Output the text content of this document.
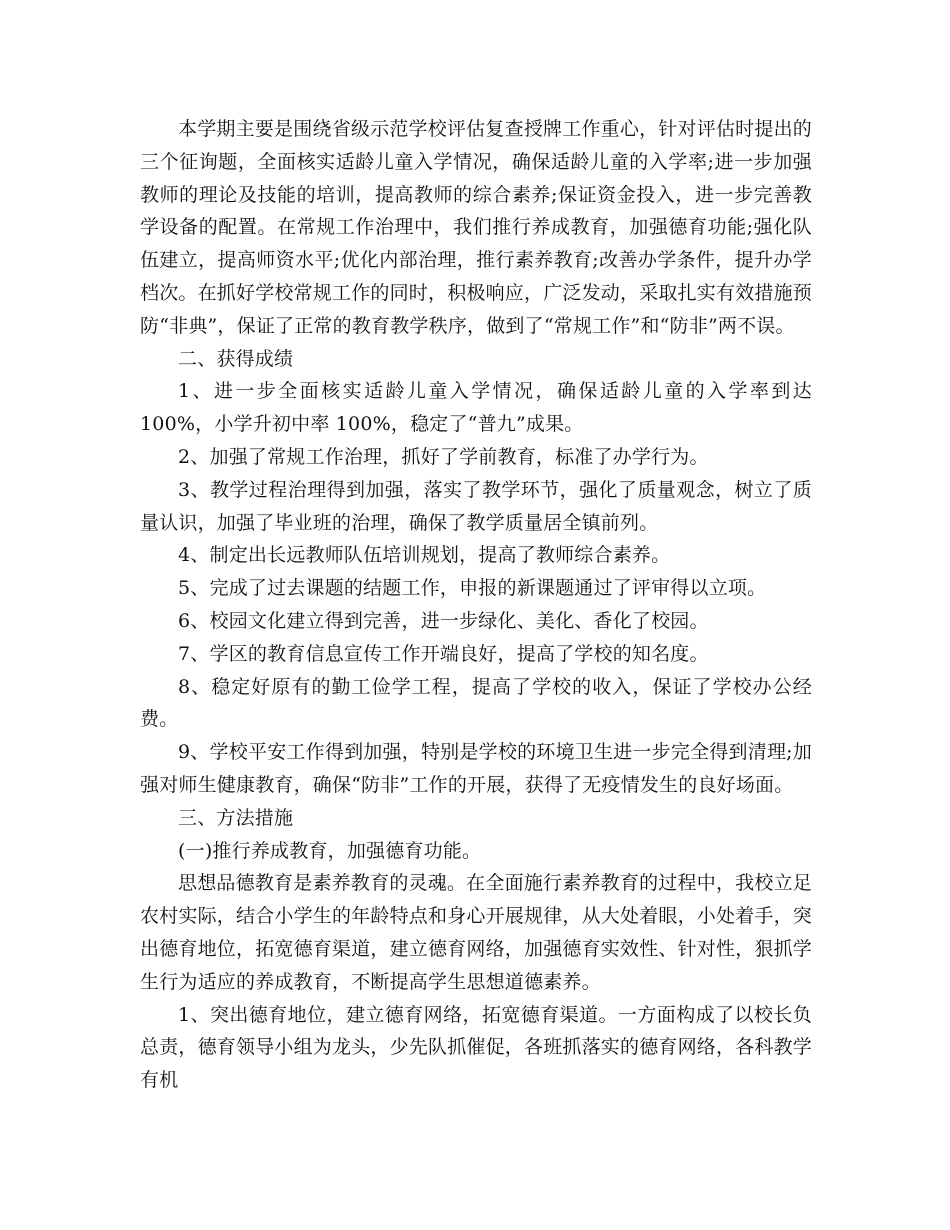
本学期主要是围绕省级示范学校评估复查授牌工作重心，针对评估时提出的三个征询题，全面核实适龄儿童入学情况，确保适龄儿童的入学率;进一步加强教师的理论及技能的培训，提高教师的综合素养;保证资金投入，进一步完善教学设备的配置。在常规工作治理中，我们推行养成教育，加强德育功能;强化队伍建立，提高师资水平;优化内部治理，推行素养教育;改善办学条件，提升办学档次。在抓好学校常规工作的同时，积极响应，广泛发动，采取扎实有效措施预防“非典”，保证了正常的教育教学秩序，做到了“常规工作”和“防非”两不误。

二、获得成绩

1、进一步全面核实适龄儿童入学情况，确保适龄儿童的入学率到达 100%，小学升初中率 100%，稳定了“普九”成果。

2、加强了常规工作治理，抓好了学前教育，标准了办学行为。

3、教学过程治理得到加强，落实了教学环节，强化了质量观念，树立了质量认识，加强了毕业班的治理，确保了教学质量居全镇前列。

4、制定出长远教师队伍培训规划，提高了教师综合素养。

5、完成了过去课题的结题工作，申报的新课题通过了评审得以立项。

6、校园文化建立得到完善，进一步绿化、美化、香化了校园。

7、学区的教育信息宣传工作开端良好，提高了学校的知名度。

8、稳定好原有的勤工俭学工程，提高了学校的收入，保证了学校办公经费。

9、学校平安工作得到加强，特别是学校的环境卫生进一步完全得到清理;加强对师生健康教育，确保“防非”工作的开展，获得了无疫情发生的良好场面。

三、方法措施

(一)推行养成教育，加强德育功能。

思想品德教育是素养教育的灵魂。在全面施行素养教育的过程中，我校立足农村实际，结合小学生的年龄特点和身心开展规律，从大处着眼，小处着手，突出德育地位，拓宽德育渠道，建立德育网络，加强德育实效性、针对性，狠抓学生行为适应的养成教育，不断提高学生思想道德素养。

1、突出德育地位，建立德育网络，拓宽德育渠道。一方面构成了以校长负总责，德育领导小组为龙头，少先队抓催促，各班抓落实的德育网络，各科教学有机
